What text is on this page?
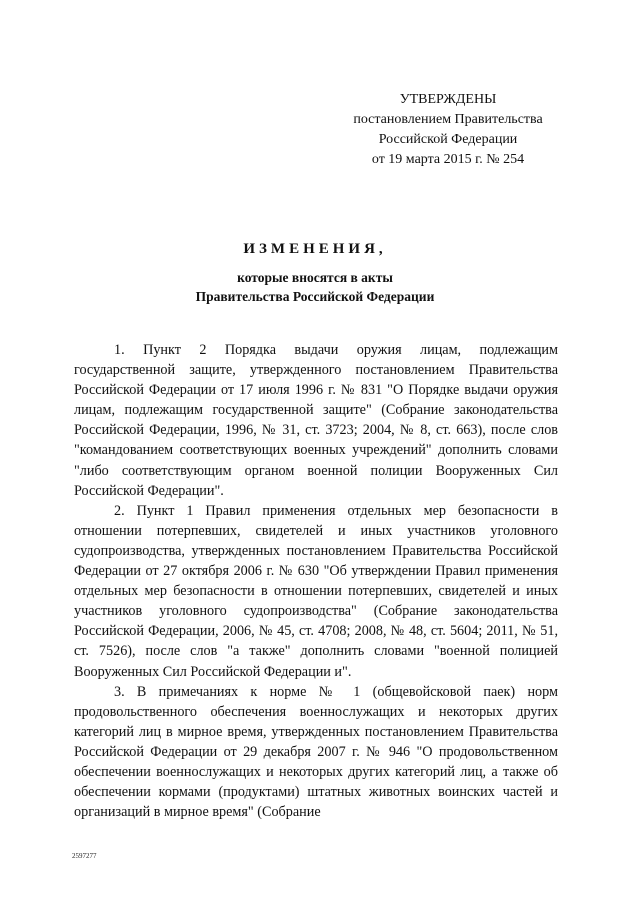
УТВЕРЖДЕНЫ
постановлением Правительства
Российской Федерации
от 19 марта 2015 г. № 254
ИЗМЕНЕНИЯ,
которые вносятся в акты
Правительства Российской Федерации

1. Пункт 2 Порядка выдачи оружия лицам, подлежащим государственной защите, утвержденного постановлением Правительства Российской Федерации от 17 июля 1996 г. № 831 "О Порядке выдачи оружия лицам, подлежащим государственной защите" (Собрание законодательства Российской Федерации, 1996, № 31, ст. 3723; 2004, № 8, ст. 663), после слов "командованием соответствующих военных учреждений" дополнить словами "либо соответствующим органом военной полиции Вооруженных Сил Российской Федерации".

2. Пункт 1 Правил применения отдельных мер безопасности в отношении потерпевших, свидетелей и иных участников уголовного судопроизводства, утвержденных постановлением Правительства Российской Федерации от 27 октября 2006 г. № 630 "Об утверждении Правил применения отдельных мер безопасности в отношении потерпевших, свидетелей и иных участников уголовного судопроизводства" (Собрание законодательства Российской Федерации, 2006, № 45, ст. 4708; 2008, № 48, ст. 5604; 2011, № 51, ст. 7526), после слов "а также" дополнить словами "военной полицией Вооруженных Сил Российской Федерации и".

3. В примечаниях к норме № 1 (общевойсковой паек) норм продовольственного обеспечения военнослужащих и некоторых других категорий лиц в мирное время, утвержденных постановлением Правительства Российской Федерации от 29 декабря 2007 г. № 946 "О продовольственном обеспечении военнослужащих и некоторых других категорий лиц, а также об обеспечении кормами (продуктами) штатных животных воинских частей и организаций в мирное время" (Собрание

2597277
